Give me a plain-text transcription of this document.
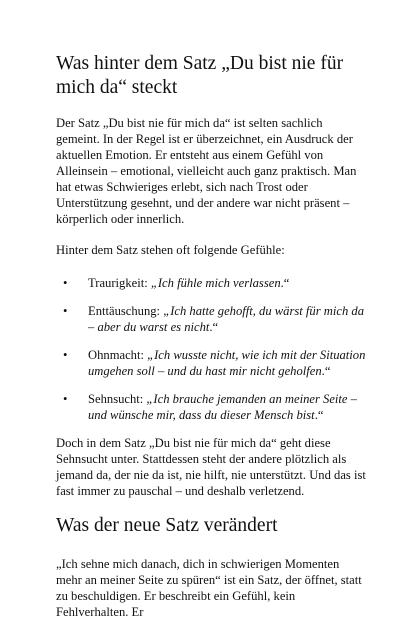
Was hinter dem Satz „Du bist nie für mich da“ steckt

Der Satz „Du bist nie für mich da“ ist selten sachlich gemeint. In der Regel ist er überzeichnet, ein Ausdruck der aktuellen Emotion. Er entsteht aus einem Gefühl von Alleinsein – emotional, vielleicht auch ganz praktisch. Man hat etwas Schwieriges erlebt, sich nach Trost oder Unterstützung gesehnt, und der andere war nicht präsent – körperlich oder innerlich.

Hinter dem Satz stehen oft folgende Gefühle:

• Traurigkeit: „Ich fühle mich verlassen.“
• Enttäuschung: „Ich hatte gehofft, du wärst für mich da – aber du warst es nicht.“
• Ohnmacht: „Ich wusste nicht, wie ich mit der Situation umgehen soll – und du hast mir nicht geholfen.“
• Sehnsucht: „Ich brauche jemanden an meiner Seite – und wünsche mir, dass du dieser Mensch bist.“

Doch in dem Satz „Du bist nie für mich da“ geht diese Sehnsucht unter. Stattdessen steht der andere plötzlich als jemand da, der nie da ist, nie hilft, nie unterstützt. Und das ist fast immer zu pauschal – und deshalb verletzend.

Was der neue Satz verändert

„Ich sehne mich danach, dich in schwierigen Momenten mehr an meiner Seite zu spüren“ ist ein Satz, der öffnet, statt zu beschuldigen. Er beschreibt ein Gefühl, kein Fehlverhalten. Er
